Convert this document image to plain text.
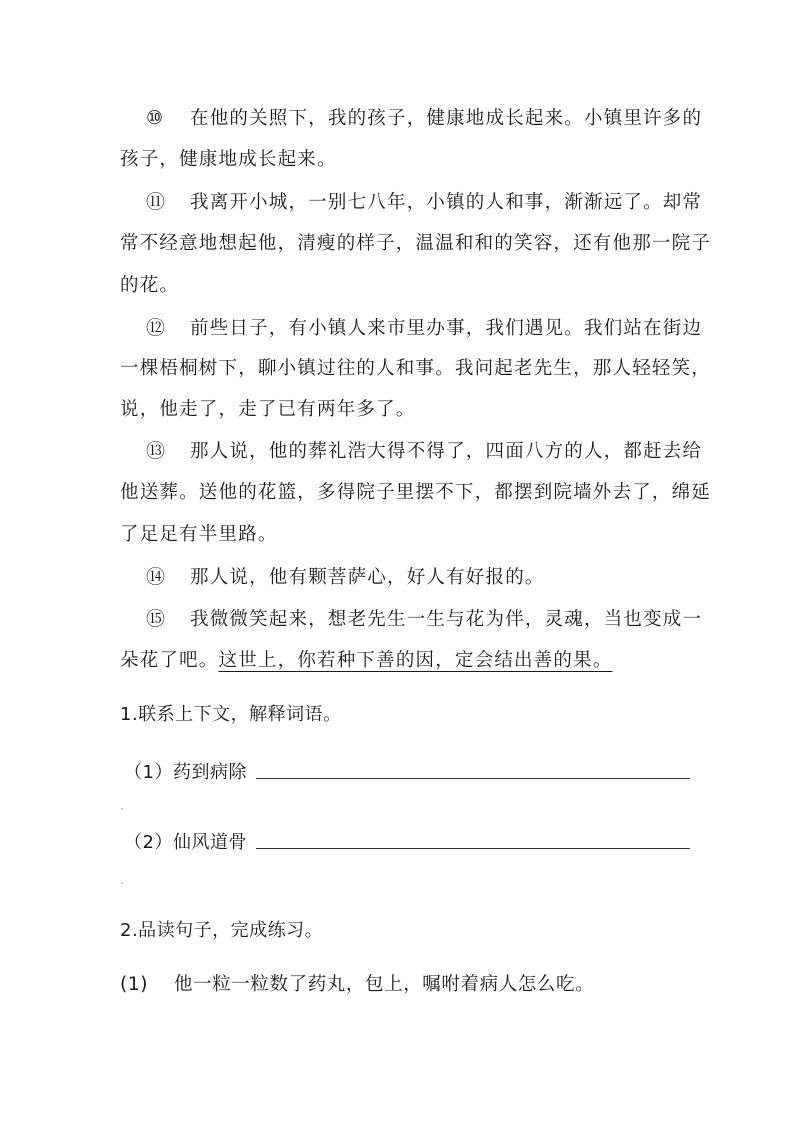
⑩ 在他的关照下，我的孩子，健康地成长起来。小镇里许多的
孩子，健康地成长起来。
⑪ 我离开小城，一别七八年，小镇的人和事，渐渐远了。却常
常不经意地想起他，清瘦的样子，温温和和的笑容，还有他那一院子
的花。
⑫ 前些日子，有小镇人来市里办事，我们遇见。我们站在街边
一棵梧桐树下，聊小镇过往的人和事。我问起老先生，那人轻轻笑，
说，他走了，走了已有两年多了。
⑬ 那人说，他的葬礼浩大得不得了，四面八方的人，都赶去给
他送葬。送他的花篮，多得院子里摆不下，都摆到院墙外去了，绵延
了足足有半里路。
⑭ 那人说，他有颗菩萨心，好人有好报的。
⑮ 我微微笑起来，想老先生一生与花为伴，灵魂，当也变成一
朵花了吧。这世上，你若种下善的因，定会结出善的果。
1.联系上下文，解释词语。
（1）药到病除
（2）仙风道骨
2.品读句子，完成练习。
(1) 他一粒一粒数了药丸，包上，嘱咐着病人怎么吃。
